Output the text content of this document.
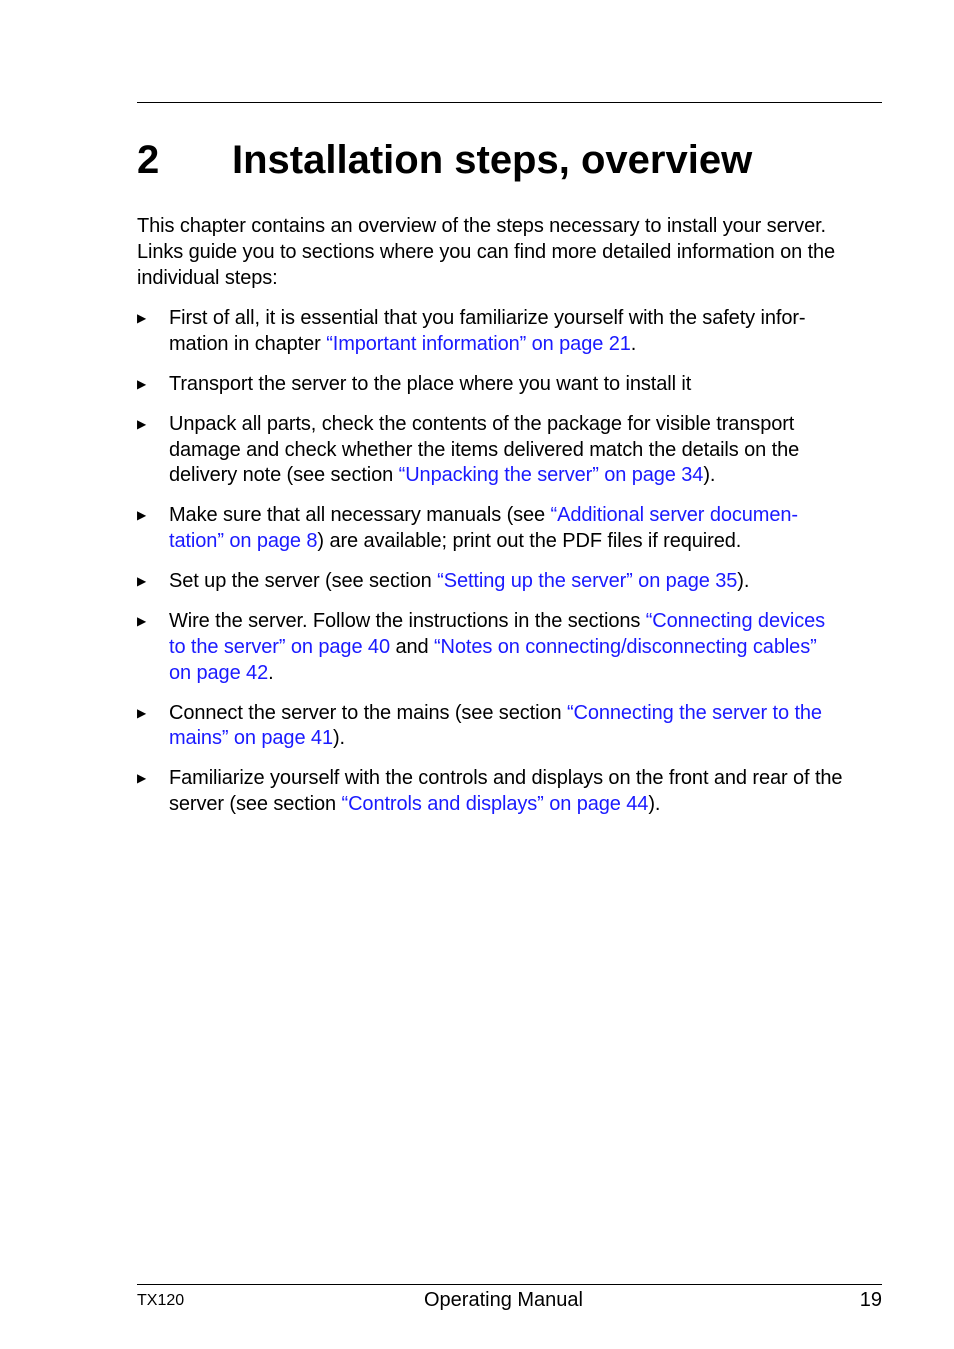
2 Installation steps, overview

This chapter contains an overview of the steps necessary to install your server.
Links guide you to sections where you can find more detailed information on the
individual steps:

▶ First of all, it is essential that you familiarize yourself with the safety infor-
mation in chapter “Important information” on page 21.
▶ Transport the server to the place where you want to install it
▶ Unpack all parts, check the contents of the package for visible transport
damage and check whether the items delivered match the details on the
delivery note (see section “Unpacking the server” on page 34).
▶ Make sure that all necessary manuals (see “Additional server documen-
tation” on page 8) are available; print out the PDF files if required.
▶ Set up the server (see section “Setting up the server” on page 35).
▶ Wire the server. Follow the instructions in the sections “Connecting devices
to the server” on page 40 and “Notes on connecting/disconnecting cables”
on page 42.
▶ Connect the server to the mains (see section “Connecting the server to the
mains” on page 41).
▶ Familiarize yourself with the controls and displays on the front and rear of the
server (see section “Controls and displays” on page 44).
TX120	Operating Manual	19
